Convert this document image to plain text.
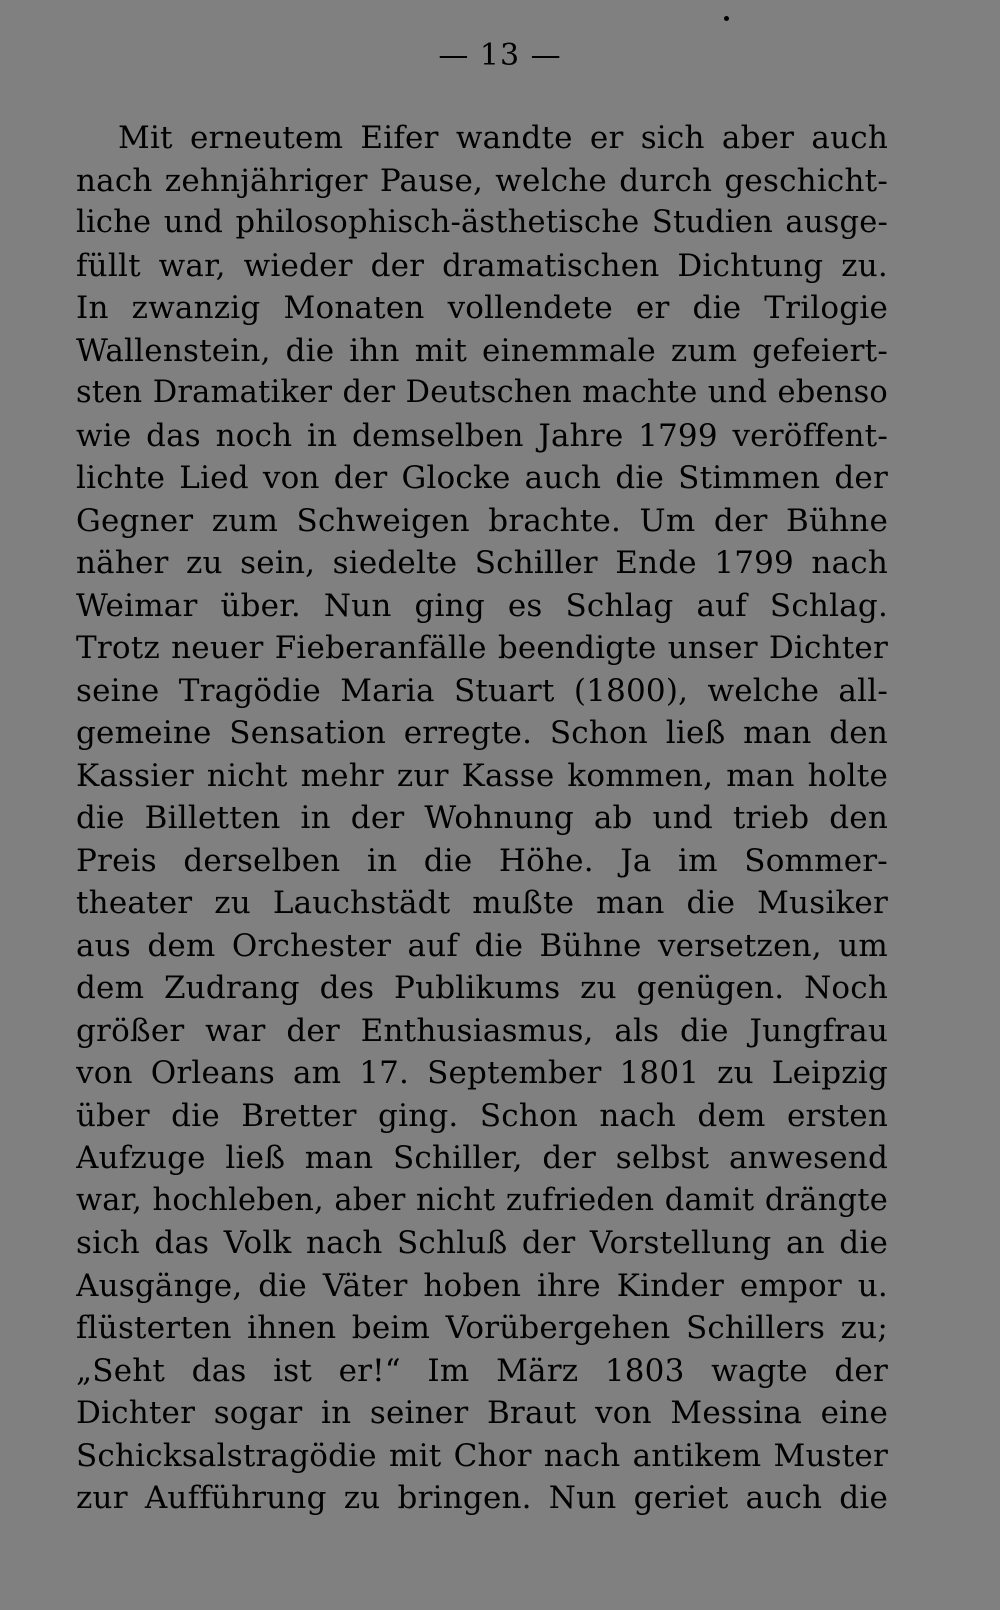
— 13 —
Mit erneutem Eifer wandte er sich aber auch
nach zehnjähriger Pause, welche durch geschicht-
liche und philosophisch-ästhetische Studien ausge-
füllt war, wieder der dramatischen Dichtung zu.
In zwanzig Monaten vollendete er die Trilogie
Wallenstein, die ihn mit einemmale zum gefeiert-
sten Dramatiker der Deutschen machte und ebenso
wie das noch in demselben Jahre 1799 veröffent-
lichte Lied von der Glocke auch die Stimmen der
Gegner zum Schweigen brachte. Um der Bühne
näher zu sein, siedelte Schiller Ende 1799 nach
Weimar über. Nun ging es Schlag auf Schlag.
Trotz neuer Fieberanfälle beendigte unser Dichter
seine Tragödie Maria Stuart (1800), welche all-
gemeine Sensation erregte. Schon ließ man den
Kassier nicht mehr zur Kasse kommen, man holte
die Billetten in der Wohnung ab und trieb den
Preis derselben in die Höhe. Ja im Sommer-
theater zu Lauchstädt mußte man die Musiker
aus dem Orchester auf die Bühne versetzen, um
dem Zudrang des Publikums zu genügen. Noch
größer war der Enthusiasmus, als die Jungfrau
von Orleans am 17. September 1801 zu Leipzig
über die Bretter ging. Schon nach dem ersten
Aufzuge ließ man Schiller, der selbst anwesend
war, hochleben, aber nicht zufrieden damit drängte
sich das Volk nach Schluß der Vorstellung an die
Ausgänge, die Väter hoben ihre Kinder empor u.
flüsterten ihnen beim Vorübergehen Schillers zu;
„Seht das ist er!“ Im März 1803 wagte der
Dichter sogar in seiner Braut von Messina eine
Schicksalstragödie mit Chor nach antikem Muster
zur Aufführung zu bringen. Nun geriet auch die
